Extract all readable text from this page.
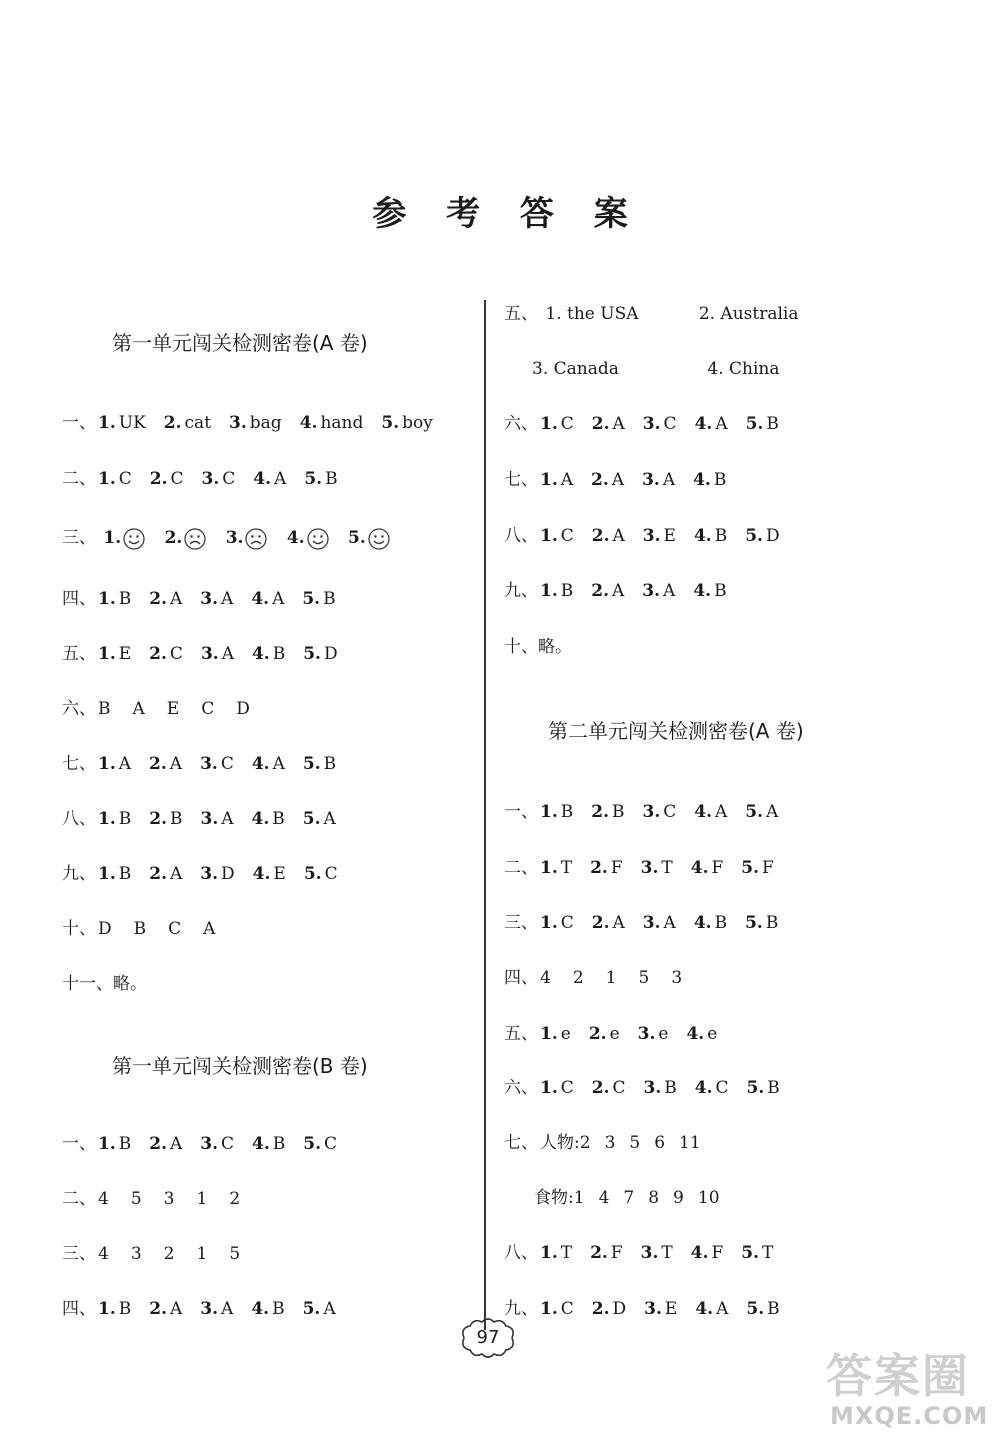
参 考 答 案
第一单元闯关检测密卷(A 卷)
一、 1. UK 2. cat 3. bag 4. hand 5. boy
二、 1. C 2. C 3. C 4. A 5. B
三、 1.	2.	3.	4.	5.
四、 1. B 2. A 3. A 4. A 5. B
五、 1. E 2. C 3. A 4. B 5. D
六、 B A E C D
七、 1. A 2. A 3. C 4. A 5. B
八、 1. B 2. B 3. A 4. B 5. A
九、 1. B 2. A 3. D 4. E 5. C
十、 D B C A
十一、略。
第一单元闯关检测密卷(B 卷)
一、 1. B 2. A 3. C 4. B 5. C
二、 4 5 3 1 2
三、 4 3 2 1 5
四、 1. B 2. A 3. A 4. B 5. A
五、 1. the USA	2. Australia
3. Canada	4. China
六、 1. C 2. A 3. C 4. A 5. B
七、 1. A 2. A 3. A 4. B
八、 1. C 2. A 3. E 4. B 5. D
九、 1. B 2. A 3. A 4. B
十、略。
第二单元闯关检测密卷(A 卷)
一、 1. B 2. B 3. C 4. A 5. A
二、 1. T 2. F 3. T 4. F 5. F
三、 1. C 2. A 3. A 4. B 5. B
四、 4 2 1 5 3
五、 1. e 2. e 3. e 4. e
六、 1. C 2. C 3. B 4. C 5. B
七、 人物:2 3 5 6 11
食物:1 4 7 8 9 10
八、 1. T 2. F 3. T 4. F 5. T
九、 1. C 2. D 3. E 4. A 5. B
97
答案圈
MXQE.COM
